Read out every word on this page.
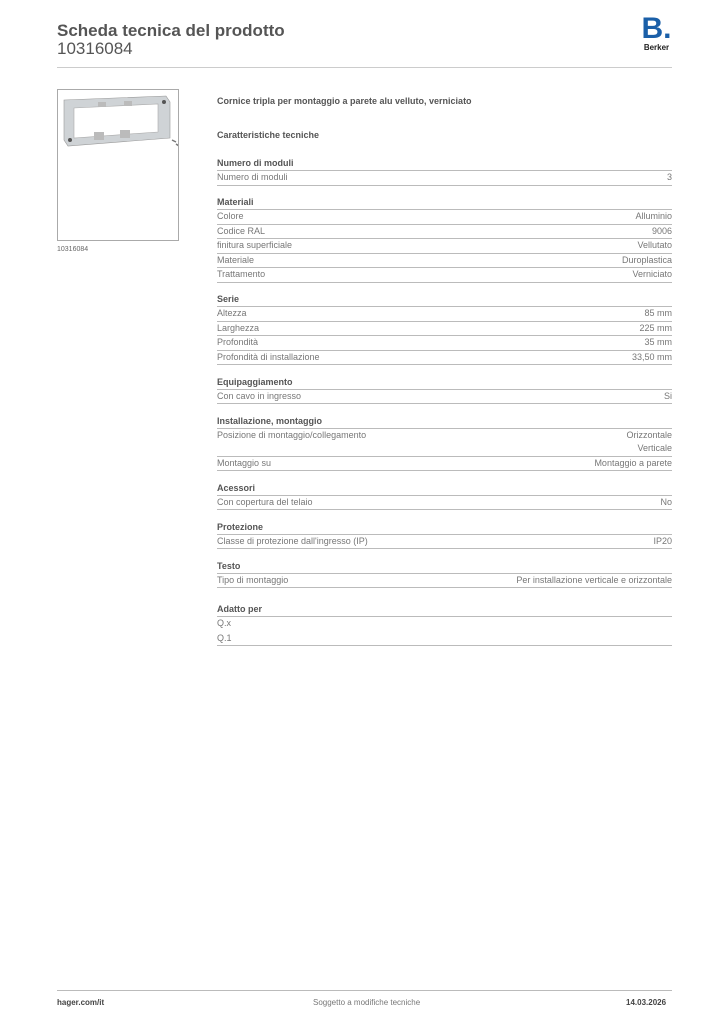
Scheda tecnica del prodotto
10316084
B.
Berker
10316084
Cornice tripla per montaggio a parete alu velluto, verniciato
Caratteristiche tecniche
Numero di moduli
Numero di moduli	3
Materiali
Colore	Alluminio
Codice RAL	9006
finitura superficiale	Vellutato
Materiale	Duroplastica
Trattamento	Verniciato
Serie
Altezza	85 mm
Larghezza	225 mm
Profondità	35 mm
Profondità di installazione	33,50 mm
Equipaggiamento
Con cavo in ingresso	Si
Installazione, montaggio
Posizione di montaggio/collegamento	Orizzontale
Verticale
Montaggio su	Montaggio a parete
Acessori
Con copertura del telaio	No
Protezione
Classe di protezione dall'ingresso (IP)	IP20
Testo
Tipo di montaggio	Per installazione verticale e orizzontale
Adatto per
Q.x
Q.1
hager.com/it	Soggetto a modifiche tecniche	14.03.2026
